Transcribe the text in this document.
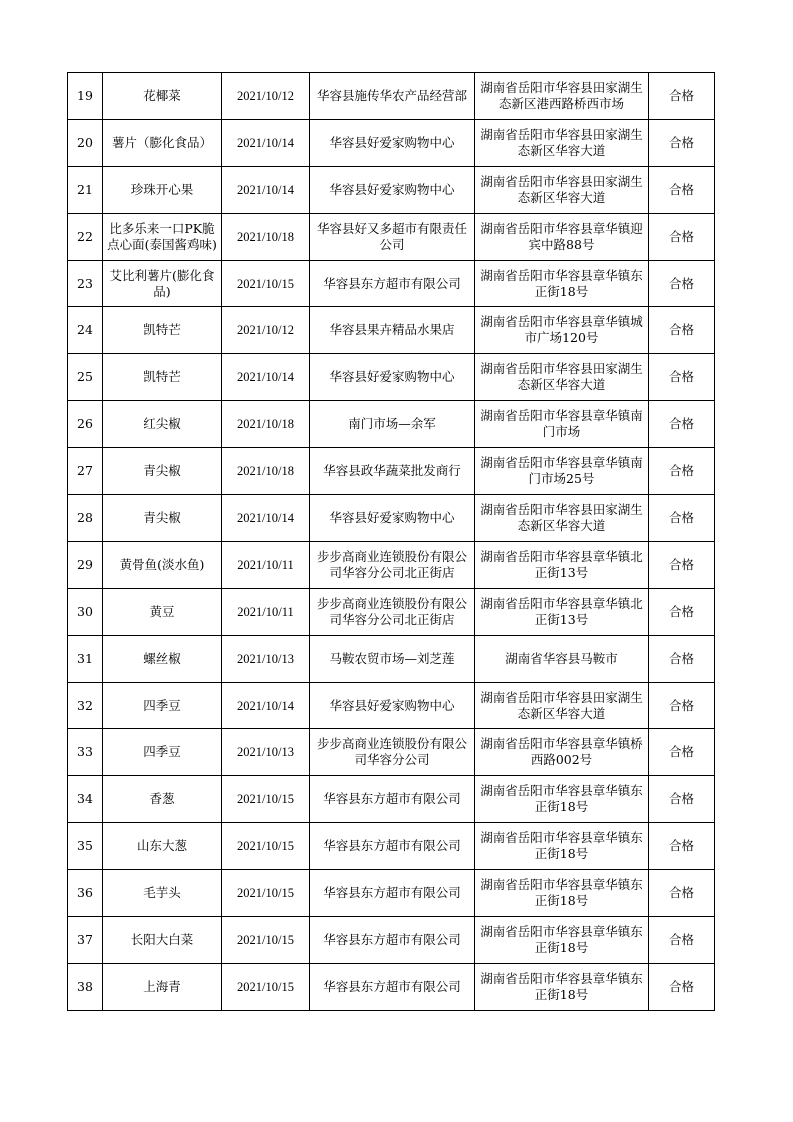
19	花椰菜	2021/10/12	华容县施传华农产品经营部	湖南省岳阳市华容县田家湖生态新区港西路桥西市场	合格
20	薯片（膨化食品）	2021/10/14	华容县好爱家购物中心	湖南省岳阳市华容县田家湖生态新区华容大道	合格
21	珍珠开心果	2021/10/14	华容县好爱家购物中心	湖南省岳阳市华容县田家湖生态新区华容大道	合格
22	比多乐来一口PK脆点心面(泰国酱鸡味)	2021/10/18	华容县好又多超市有限责任公司	湖南省岳阳市华容县章华镇迎宾中路88号	合格
23	艾比利薯片(膨化食品)	2021/10/15	华容县东方超市有限公司	湖南省岳阳市华容县章华镇东正街18号	合格
24	凯特芒	2021/10/12	华容县果卉精品水果店	湖南省岳阳市华容县章华镇城市广场120号	合格
25	凯特芒	2021/10/14	华容县好爱家购物中心	湖南省岳阳市华容县田家湖生态新区华容大道	合格
26	红尖椒	2021/10/18	南门市场—余军	湖南省岳阳市华容县章华镇南门市场	合格
27	青尖椒	2021/10/18	华容县政华蔬菜批发商行	湖南省岳阳市华容县章华镇南门市场25号	合格
28	青尖椒	2021/10/14	华容县好爱家购物中心	湖南省岳阳市华容县田家湖生态新区华容大道	合格
29	黄骨鱼(淡水鱼)	2021/10/11	步步高商业连锁股份有限公司华容分公司北正街店	湖南省岳阳市华容县章华镇北正街13号	合格
30	黄豆	2021/10/11	步步高商业连锁股份有限公司华容分公司北正街店	湖南省岳阳市华容县章华镇北正街13号	合格
31	螺丝椒	2021/10/13	马鞍农贸市场—刘芝莲	湖南省华容县马鞍市	合格
32	四季豆	2021/10/14	华容县好爱家购物中心	湖南省岳阳市华容县田家湖生态新区华容大道	合格
33	四季豆	2021/10/13	步步高商业连锁股份有限公司华容分公司	湖南省岳阳市华容县章华镇桥西路002号	合格
34	香葱	2021/10/15	华容县东方超市有限公司	湖南省岳阳市华容县章华镇东正街18号	合格
35	山东大葱	2021/10/15	华容县东方超市有限公司	湖南省岳阳市华容县章华镇东正街18号	合格
36	毛芋头	2021/10/15	华容县东方超市有限公司	湖南省岳阳市华容县章华镇东正街18号	合格
37	长阳大白菜	2021/10/15	华容县东方超市有限公司	湖南省岳阳市华容县章华镇东正街18号	合格
38	上海青	2021/10/15	华容县东方超市有限公司	湖南省岳阳市华容县章华镇东正街18号	合格
